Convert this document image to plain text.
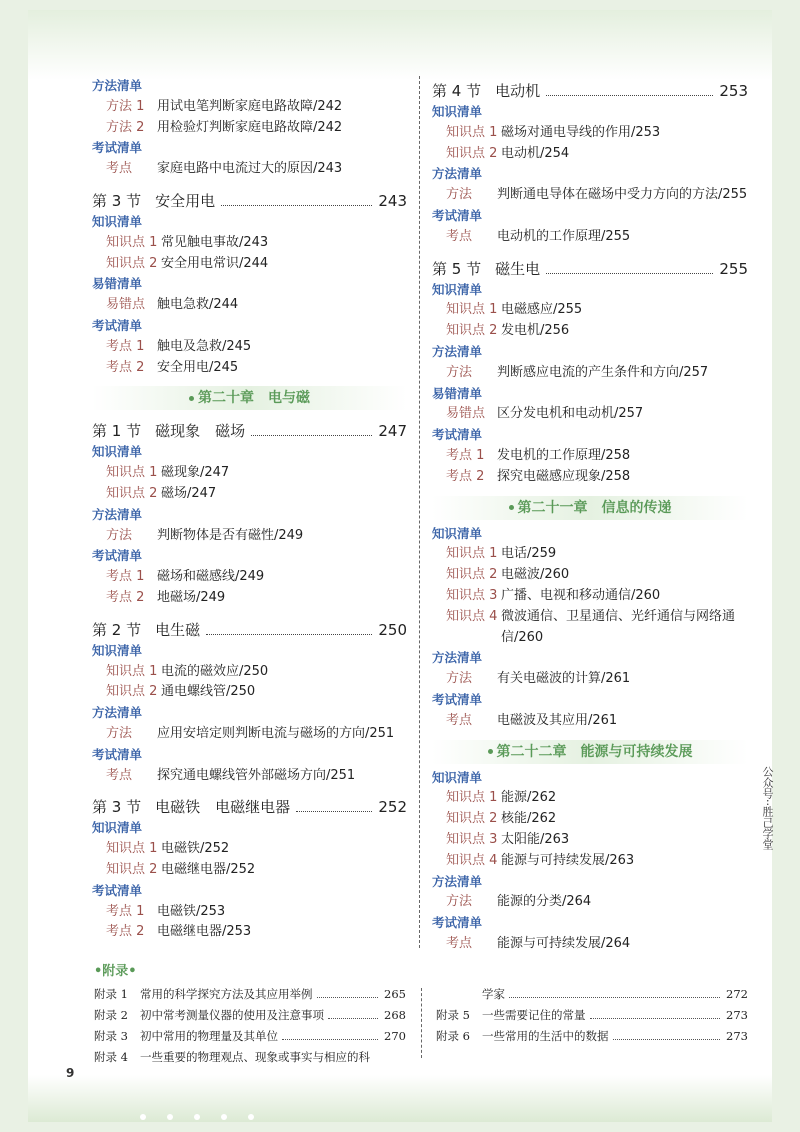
方法清单
方法 1 用试电笔判断家庭电路故障/242
方法 2 用检验灯判断家庭电路故障/242
考试清单
考点	家庭电路中电流过大的原因/243
第 3 节 安全用电	243
知识清单
知识点 1 常见触电事故/243
知识点 2 安全用电常识/244
易错清单
易错点 触电急救/244
考试清单
考点 1 触电及急救/245
考点 2 安全用电/245
第二十章　电与磁
第 1 节 磁现象　磁场	247
知识清单
知识点 1 磁现象/247
知识点 2 磁场/247
方法清单
方法	判断物体是否有磁性/249
考试清单
考点 1 磁场和磁感线/249
考点 2 地磁场/249
第 2 节 电生磁	250
知识清单
知识点 1 电流的磁效应/250
知识点 2 通电螺线管/250
方法清单
方法	应用安培定则判断电流与磁场的方向/251
考试清单
考点	探究通电螺线管外部磁场方向/251
第 3 节 电磁铁　电磁继电器	252
知识清单
知识点 1 电磁铁/252
知识点 2 电磁继电器/252
考试清单
考点 1 电磁铁/253
考点 2 电磁继电器/253
第 4 节 电动机	253
知识清单
知识点 1 磁场对通电导线的作用/253
知识点 2 电动机/254
方法清单
方法	判断通电导体在磁场中受力方向的方法/255
考试清单
考点	电动机的工作原理/255
第 5 节 磁生电	255
知识清单
知识点 1 电磁感应/255
知识点 2 发电机/256
方法清单
方法	判断感应电流的产生条件和方向/257
易错清单
易错点 区分发电机和电动机/257
考试清单
考点 1 发电机的工作原理/258
考点 2 探究电磁感应现象/258
第二十一章　信息的传递
知识清单
知识点 1 电话/259
知识点 2 电磁波/260
知识点 3 广播、电视和移动通信/260
知识点 4 微波通信、卫星通信、光纤通信与网络通信/260
方法清单
方法	有关电磁波的计算/261
考试清单
考点	电磁波及其应用/261
第二十二章　能源与可持续发展
知识清单
知识点 1 能源/262
知识点 2 核能/262
知识点 3 太阳能/263
知识点 4 能源与可持续发展/263
方法清单
方法	能源的分类/264
考试清单
考点	能源与可持续发展/264
•附录•
附录 1	常用的科学探究方法及其应用举例	265
附录 2	初中常考测量仪器的使用及注意事项	268
附录 3	初中常用的物理量及其单位	270
附录 4	一些重要的物理观点、现象或事实与相应的科
学家	272
附录 5	一些需要记住的常量	273
附录 6	一些常用的生活中的数据	273
9
公众号··胜己学堂
